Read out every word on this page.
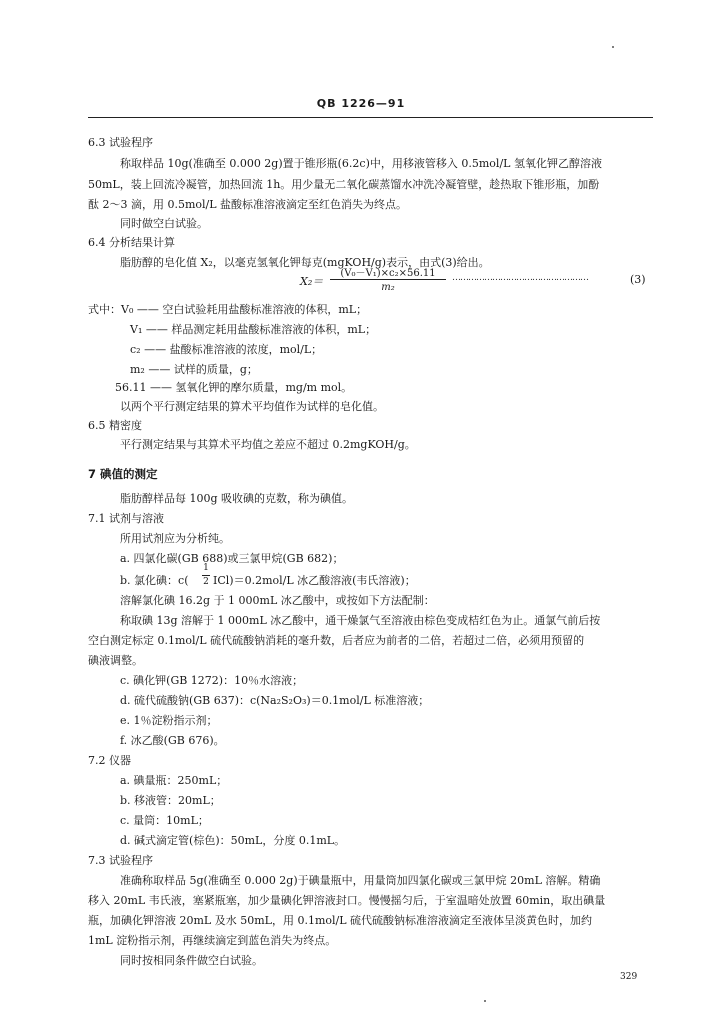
QB 1226—91
6.3 试验程序
称取样品 10g(准确至 0.000 2g)置于锥形瓶(6.2c)中，用移液管移入 0.5mol/L 氢氧化钾乙醇溶液
50mL，装上回流冷凝管，加热回流 1h。用少量无二氧化碳蒸馏水冲洗冷凝管壁，趁热取下锥形瓶，加酚
酞 2～3 滴，用 0.5mol/L 盐酸标准溶液滴定至红色消失为终点。
同时做空白试验。
6.4 分析结果计算
脂肪醇的皂化值 X₂，以毫克氢氧化钾每克(mgKOH/g)表示，由式(3)给出。
X₂＝
(V₀－V₁)×c₂×56.11
m₂
……………………………………………	(3)
式中：V₀ —— 空白试验耗用盐酸标准溶液的体积，mL；
V₁ —— 样品测定耗用盐酸标准溶液的体积，mL；
c₂ —— 盐酸标准溶液的浓度，mol/L；
m₂ —— 试样的质量，g；
56.11 —— 氢氧化钾的摩尔质量，mg/m mol。
以两个平行测定结果的算术平均值作为试样的皂化值。
6.5 精密度
平行测定结果与其算术平均值之差应不超过 0.2mgKOH/g。
7 碘值的测定
脂肪醇样品每 100g 吸收碘的克数，称为碘值。
7.1 试剂与溶液
所用试剂应为分析纯。
a. 四氯化碳(GB 688)或三氯甲烷(GB 682)；
b. 氯化碘：c(
1
2 ICl)＝0.2mol/L 冰乙酸溶液(韦氏溶液)；
溶解氯化碘 16.2g 于 1 000mL 冰乙酸中，或按如下方法配制：
称取碘 13g 溶解于 1 000mL 冰乙酸中，通干燥氯气至溶液由棕色变成桔红色为止。通氯气前后按
空白测定标定 0.1mol/L 硫代硫酸钠消耗的毫升数，后者应为前者的二倍，若超过二倍，必须用预留的
碘液调整。
c. 碘化钾(GB 1272)：10％水溶液；
d. 硫代硫酸钠(GB 637)：c(Na₂S₂O₃)＝0.1mol/L 标准溶液；
e. 1％淀粉指示剂；
f. 冰乙酸(GB 676)。
7.2 仪器
a. 碘量瓶：250mL；
b. 移液管：20mL；
c. 量筒：10mL；
d. 碱式滴定管(棕色)：50mL，分度 0.1mL。
7.3 试验程序
准确称取样品 5g(准确至 0.000 2g)于碘量瓶中，用量筒加四氯化碳或三氯甲烷 20mL 溶解。精确
移入 20mL 韦氏液，塞紧瓶塞，加少量碘化钾溶液封口。慢慢摇匀后，于室温暗处放置 60min，取出碘量
瓶，加碘化钾溶液 20mL 及水 50mL，用 0.1mol/L 硫代硫酸钠标准溶液滴定至液体呈淡黄色时，加约
1mL 淀粉指示剂，再继续滴定到蓝色消失为终点。
同时按相同条件做空白试验。
329
